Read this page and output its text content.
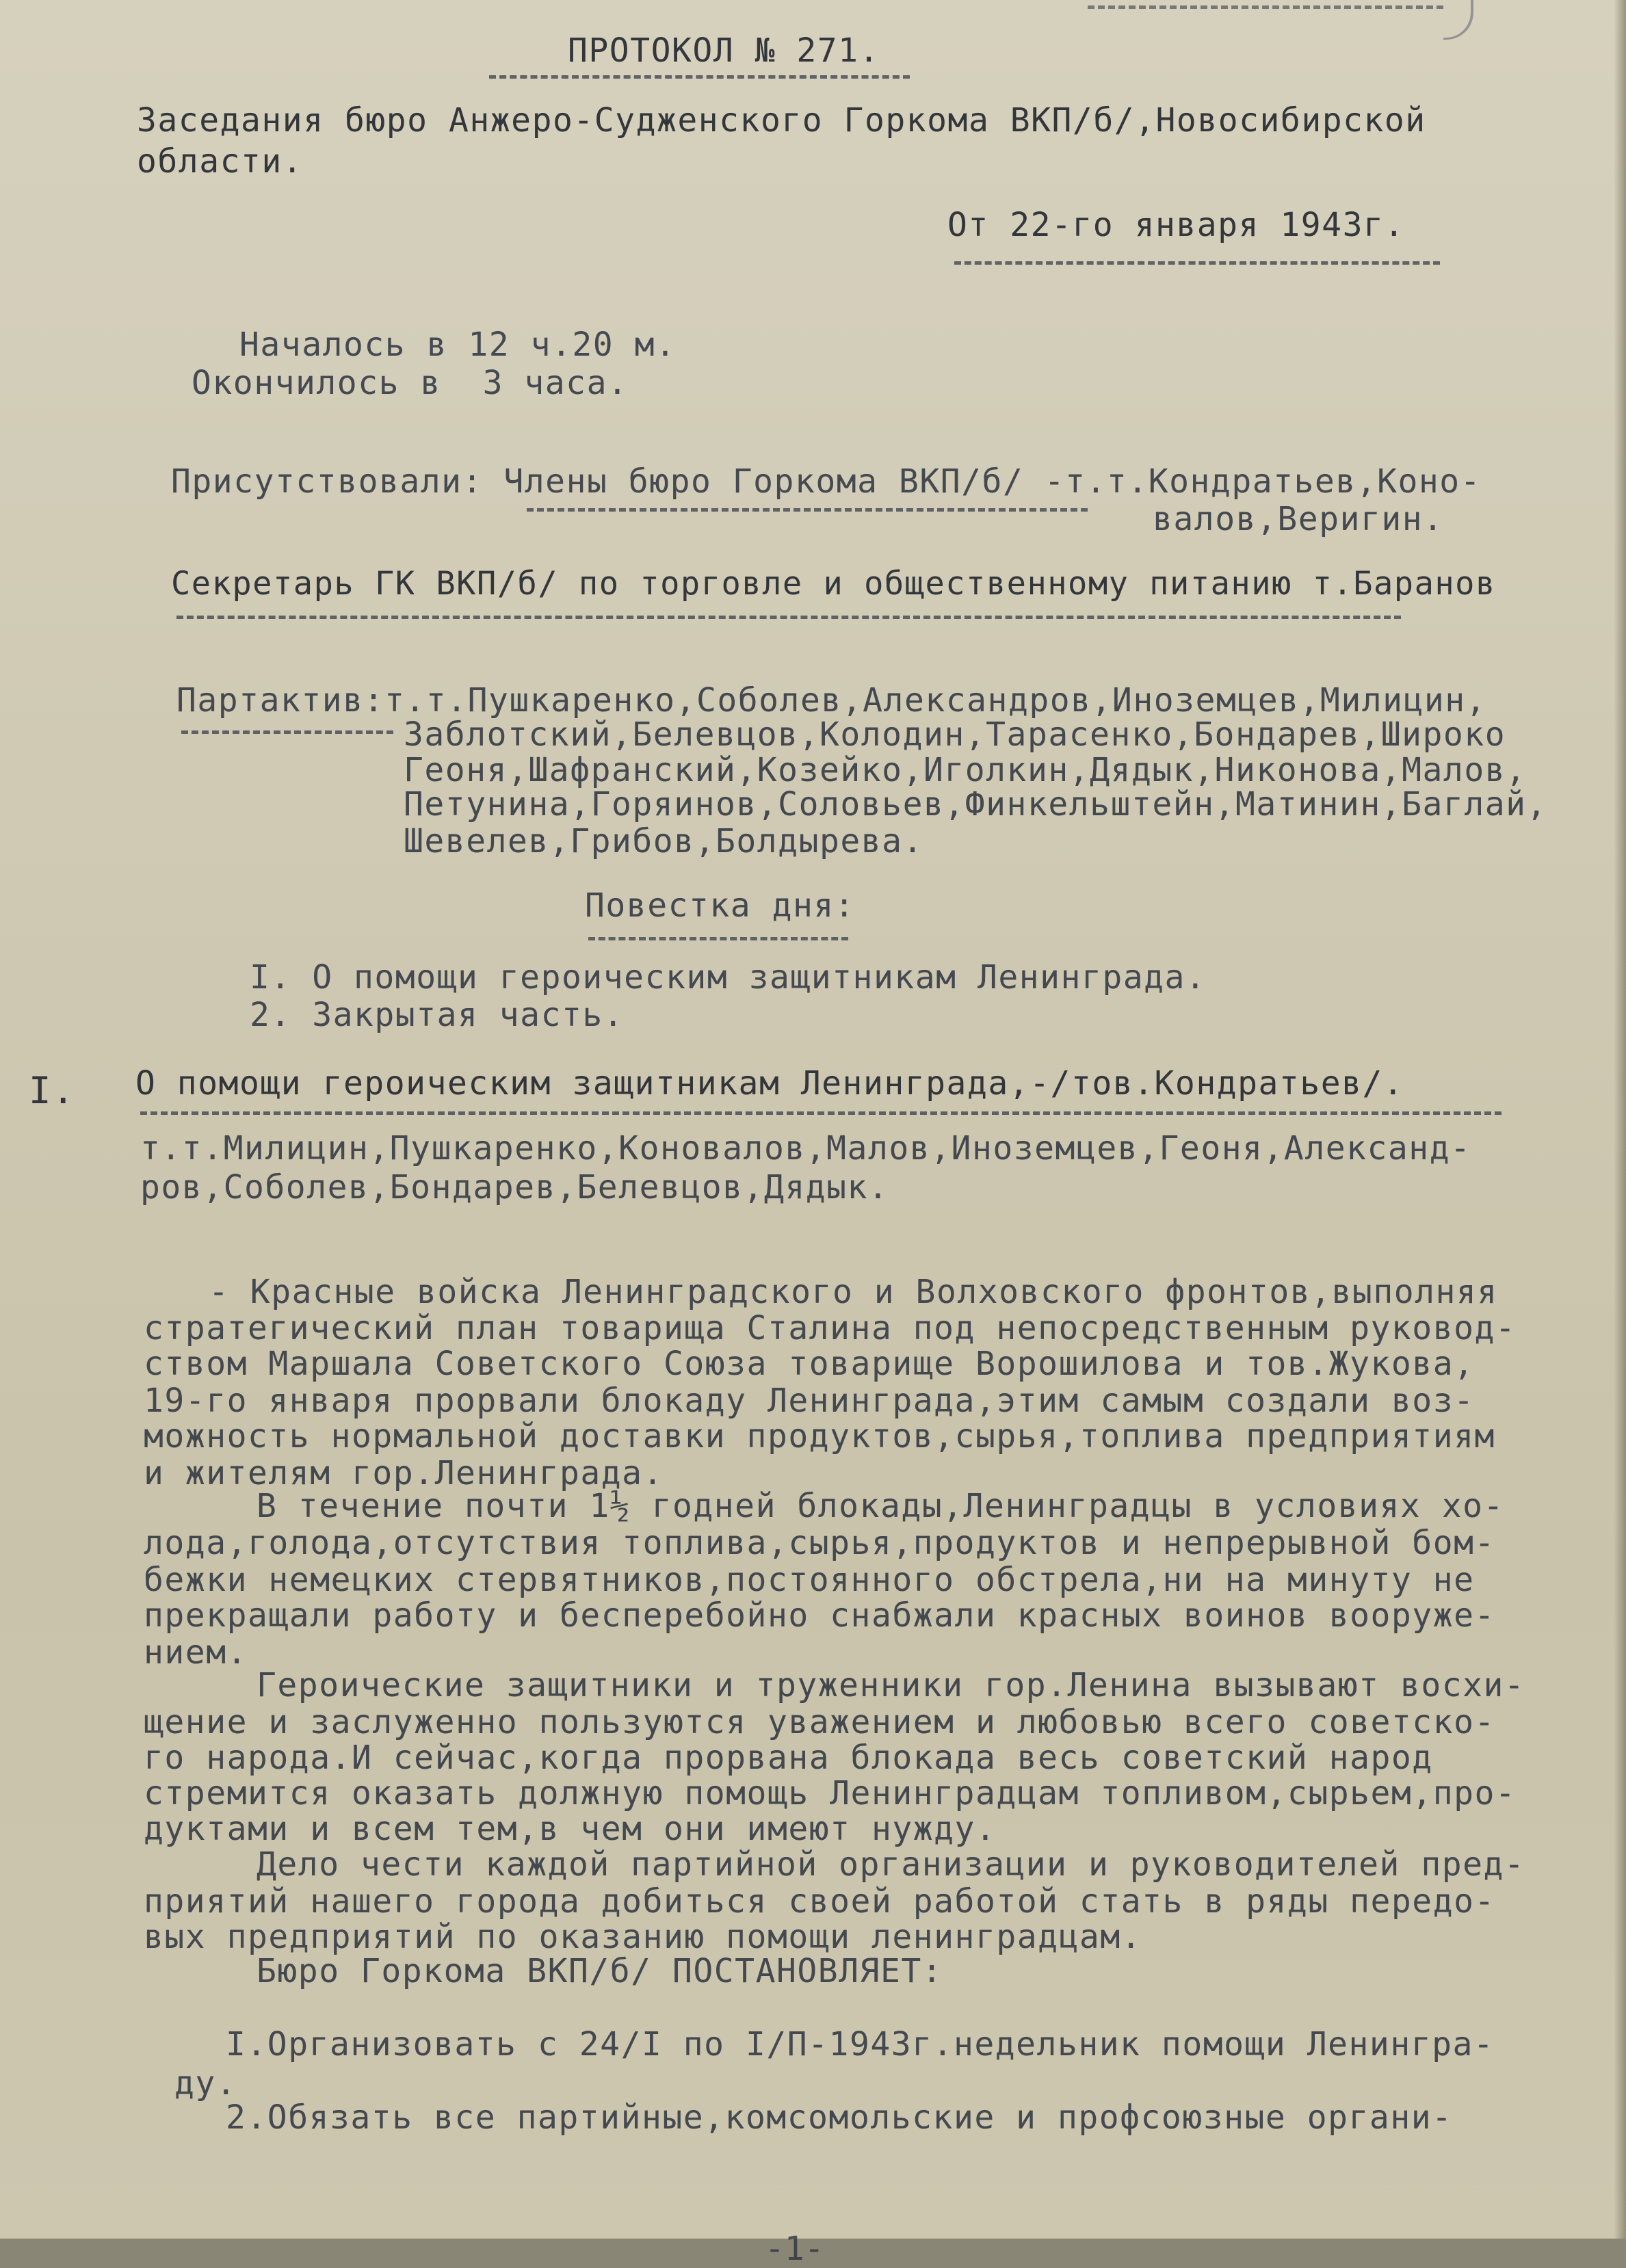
ПРОТОКОЛ № 271.

Заседания бюро Анжеро-Судженского Горкома ВКП/б/,Новосибирской

области.

От 22-го января 1943г.

Началось в 12 ч.20 м.

Окончилось в  3 часа.

Присутствовали: Члены бюро Горкома ВКП/б/ -т.т.Кондратьев,Коно-

валов,Веригин.

Секретарь ГК ВКП/б/ по торговле и общественному питанию т.Баранов

Партактив:т.т.Пушкаренко,Соболев,Александров,Иноземцев,Милицин,

Заблотский,Белевцов,Колодин,Тарасенко,Бондарев,Широко

Геоня,Шафранский,Козейко,Иголкин,Дядык,Никонова,Малов,

Петунина,Горяинов,Соловьев,Финкельштейн,Матинин,Баглай,

Шевелев,Грибов,Болдырева.

Повестка дня:

I. О помощи героическим защитникам Ленинграда.

2. Закрытая часть.

I. О помощи героическим защитникам Ленинграда,-/тов.Кондратьев/.

т.т.Милицин,Пушкаренко,Коновалов,Малов,Иноземцев,Геоня,Александ-

ров,Соболев,Бондарев,Белевцов,Дядык.

- Красные войска Ленинградского и Волховского фронтов,выполняя

стратегический план товарища Сталина под непосредственным руковод-

ством Маршала Советского Союза товарище Ворошилова и тов.Жукова,

19-го января прорвали блокаду Ленинграда,этим самым создали воз-

можность нормальной доставки продуктов,сырья,топлива предприятиям

и жителям гор.Ленинграда.

В течение почти 1½ годней блокады,Ленинградцы в условиях хо-

лода,голода,отсутствия топлива,сырья,продуктов и непрерывной бом-

бежки немецких стервятников,постоянного обстрела,ни на минуту не

прекращали работу и бесперебойно снабжали красных воинов вооруже-

нием.

Героические защитники и труженники гор.Ленина вызывают восхи-

щение и заслуженно пользуются уважением и любовью всего советско-

го народа.И сейчас,когда прорвана блокада весь советский народ

стремится оказать должную помощь Ленинградцам топливом,сырьем,про-

дуктами и всем тем,в чем они имеют нужду.

Дело чести каждой партийной организации и руководителей пред-

приятий нашего города добиться своей работой стать в ряды передо-

вых предприятий по оказанию помощи ленинградцам.

Бюро Горкома ВКП/б/ ПОСТАНОВЛЯЕТ:

I.Организовать с 24/I по I/П-1943г.недельник помощи Ленингра-

ду.

2.Обязать все партийные,комсомольские и профсоюзные органи-

-1-
